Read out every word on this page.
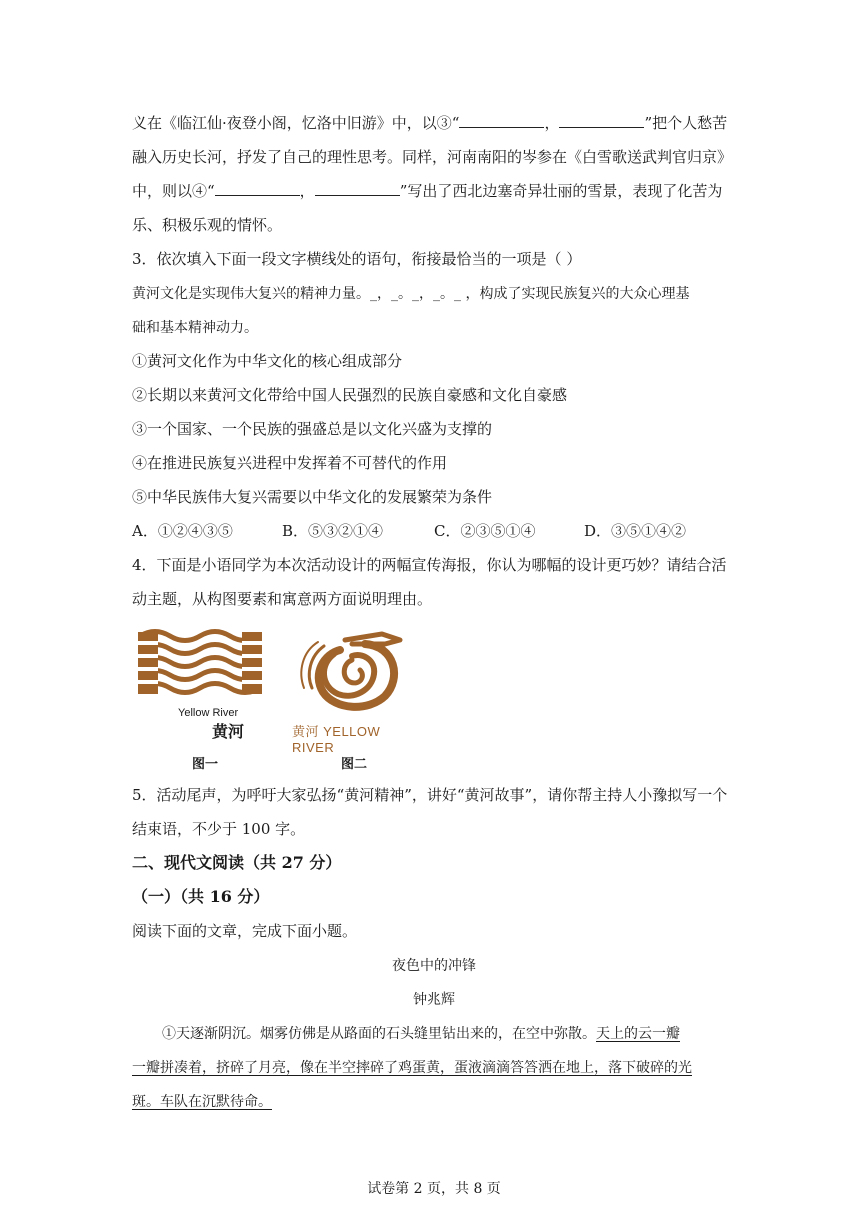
义在《临江仙·夜登小阁，忆洛中旧游》中，以③“	，	”把个人愁苦
融入历史长河，抒发了自己的理性思考。同样，河南南阳的岑参在《白雪歌送武判官归京》
中，则以④“	，	”写出了西北边塞奇异壮丽的雪景，表现了化苦为
乐、积极乐观的情怀。
3．依次填入下面一段文字横线处的语句，衔接最恰当的一项是（ ）
黄河文化是实现伟大复兴的精神力量。_，_。_，_。_ ，构成了实现民族复兴的大众心理基
础和基本精神动力。
①黄河文化作为中华文化的核心组成部分
②长期以来黄河文化带给中国人民强烈的民族自豪感和文化自豪感
③一个国家、一个民族的强盛总是以文化兴盛为支撑的
④在推进民族复兴进程中发挥着不可替代的作用
⑤中华民族伟大复兴需要以中华文化的发展繁荣为条件
A．①②④③⑤	B．⑤③②①④	C．②③⑤①④	D．③⑤①④②
4．下面是小语同学为本次活动设计的两幅宣传海报，你认为哪幅的设计更巧妙？请结合活
动主题，从构图要素和寓意两方面说明理由。
Yellow River
黄河	黄河 YELLOW RIVER
图一	图二
5．活动尾声，为呼吁大家弘扬“黄河精神”，讲好“黄河故事”，请你帮主持人小豫拟写一个
结束语，不少于 100 字。
二、现代文阅读（共 27 分）
（一）（共 16 分）
阅读下面的文章，完成下面小题。
夜色中的冲锋
钟兆辉
①天逐渐阴沉。烟雾仿佛是从路面的石头缝里钻出来的，在空中弥散。天上的云一瓣
一瓣拼凑着，挤碎了月亮，像在半空摔碎了鸡蛋黄，蛋液滴滴答答洒在地上，落下破碎的光
斑。车队在沉默待命。
试卷第 2 页，共 8 页
